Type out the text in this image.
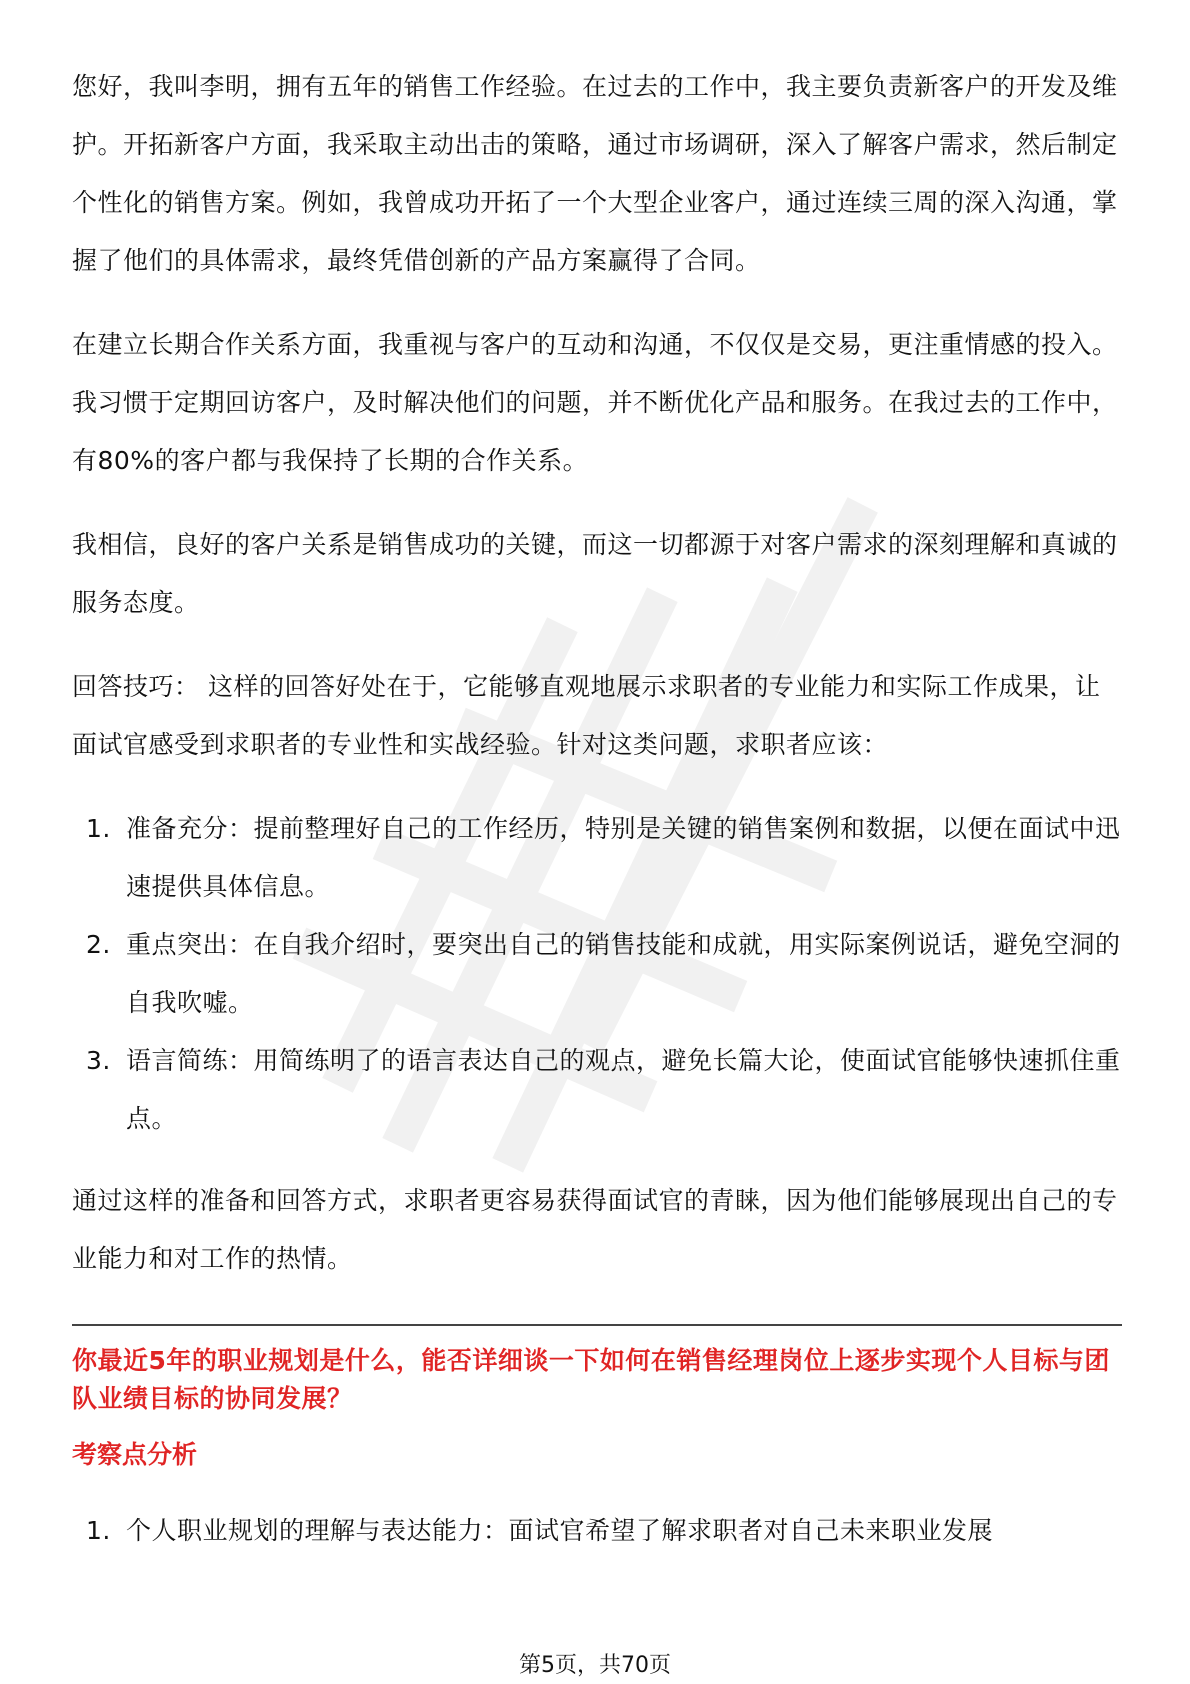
您好，我叫李明，拥有五年的销售工作经验。在过去的工作中，我主要负责新客户的开发及维护。开拓新客户方面，我采取主动出击的策略，通过市场调研，深入了解客户需求，然后制定个性化的销售方案。例如，我曾成功开拓了一个大型企业客户，通过连续三周的深入沟通，掌握了他们的具体需求，最终凭借创新的产品方案赢得了合同。

在建立长期合作关系方面，我重视与客户的互动和沟通，不仅仅是交易，更注重情感的投入。我习惯于定期回访客户，及时解决他们的问题，并不断优化产品和服务。在我过去的工作中，有80%的客户都与我保持了长期的合作关系。

我相信，良好的客户关系是销售成功的关键，而这一切都源于对客户需求的深刻理解和真诚的服务态度。

回答技巧： 这样的回答好处在于，它能够直观地展示求职者的专业能力和实际工作成果，让面试官感受到求职者的专业性和实战经验。针对这类问题，求职者应该：

1. 准备充分：提前整理好自己的工作经历，特别是关键的销售案例和数据，以便在面试中迅速提供具体信息。
2. 重点突出：在自我介绍时，要突出自己的销售技能和成就，用实际案例说话，避免空洞的自我吹嘘。
3. 语言简练：用简练明了的语言表达自己的观点，避免长篇大论，使面试官能够快速抓住重点。

通过这样的准备和回答方式，求职者更容易获得面试官的青睐，因为他们能够展现出自己的专业能力和对工作的热情。

你最近5年的职业规划是什么，能否详细谈一下如何在销售经理岗位上逐步实现个人目标与团队业绩目标的协同发展？

考察点分析

1. 个人职业规划的理解与表达能力：面试官希望了解求职者对自己未来职业发展
第5页，共70页
